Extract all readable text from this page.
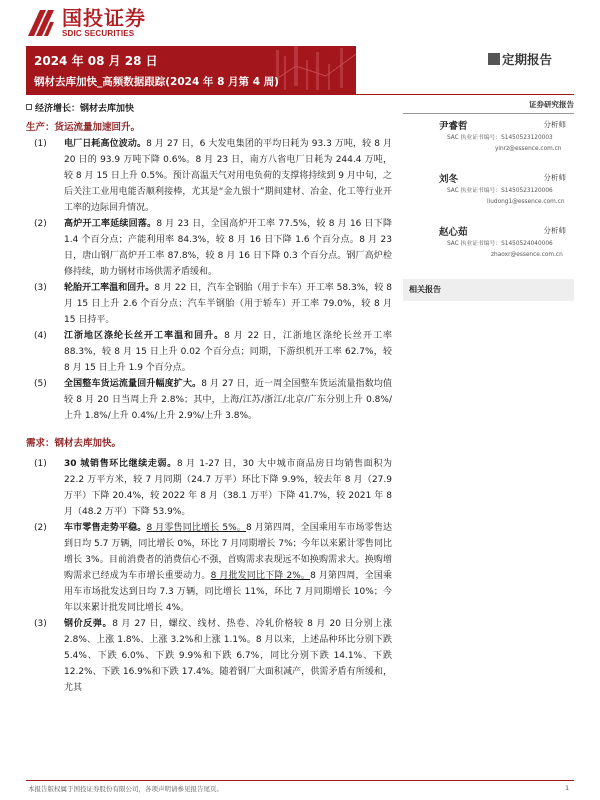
国投证券
SDIC SECURITIES
2024 年 08 月 28 日
钢材去库加快_高频数据跟踪(2024 年 8 月第 4 周)
定期报告
经济增长：钢材去库加快
生产：货运流量加速回升。
(1)	电厂日耗高位波动。8 月 27 日，6 大发电集团的平均日耗为 93.3 万吨，较 8 月 20 日的 93.9 万吨下降 0.6%。8 月 23 日，南方八省电厂日耗为 244.4 万吨，较 8 月 15 日上升 0.5%。预计高温天气对用电负荷的支撑将持续到 9 月中旬，之后关注工业用电能否顺利接棒，尤其是“金九银十”期间建材、冶金、化工等行业开工率的边际回升情况。
(2)	高炉开工率延续回落。8 月 23 日，全国高炉开工率 77.5%，较 8 月 16 日下降 1.4 个百分点；产能利用率 84.3%，较 8 月 16 日下降 1.6 个百分点。8 月 23 日，唐山钢厂高炉开工率 87.8%，较 8 月 16 日下降 0.3 个百分点。钢厂高炉检修持续，助力钢材市场供需矛盾缓和。
(3)	轮胎开工率温和回升。8 月 22 日，汽车全钢胎（用于卡车）开工率 58.3%，较 8 月 15 日上升 2.6 个百分点；汽车半钢胎（用于轿车）开工率 79.0%，较 8 月 15 日持平。
(4)	江浙地区涤纶长丝开工率温和回升。8 月 22 日，江浙地区涤纶长丝开工率 88.3%，较 8 月 15 日上升 0.02 个百分点；同期，下游织机开工率 62.7%，较 8 月 15 日上升 1.9 个百分点。
(5)	全国整车货运流量回升幅度扩大。8 月 27 日，近一周全国整车货运流量指数均值较 8 月 20 日当周上升 2.8%；其中，上海/江苏/浙江/北京/广东分别上升 0.8%/上升 1.8%/上升 0.4%/上升 2.9%/上升 3.8%。
需求：钢材去库加快。
(1)	30 城销售环比继续走弱。8 月 1-27 日，30 大中城市商品房日均销售面积为 22.2 万平方米，较 7 月同期（24.7 万平）环比下降 9.9%，较去年 8 月（27.9 万平）下降 20.4%，较 2022 年 8 月（38.1 万平）下降 41.7%，较 2021 年 8 月（48.2 万平）下降 53.9%。
(2)	车市零售走势平稳。8 月零售同比增长 5%。8 月第四周，全国乘用车市场零售达到日均 5.7 万辆，同比增长 0%，环比 7 月同期增长 7%；今年以来累计零售同比增长 3%。目前消费者的消费信心不强，首购需求表现远不如换购需求大。换购增购需求已经成为车市增长重要动力。8 月批发同比下降 2%。8 月第四周，全国乘用车市场批发达到日均 7.3 万辆，同比增长 11%，环比 7 月同期增长 10%；今年以来累计批发同比增长 4%。
(3)	钢价反弹。8 月 27 日，螺纹、线材、热卷、冷轧价格较 8 月 20 日分别上涨 2.8%、上涨 1.8%、上涨 3.2%和上涨 1.1%。8 月以来，上述品种环比分别下跌 5.4%、下跌 6.0%、下跌 9.9%和下跌 6.7%，同比分别下跌 14.1%、下跌 12.2%、下跌 16.9%和下跌 17.4%。随着钢厂大面积减产，供需矛盾有所缓和，尤其
证券研究报告
尹睿哲	分析师
SAC 执业证书编号：S1450523120003
yinrz@essence.com.cn
刘冬	分析师
SAC 执业证书编号：S1450523120006
liudong1@essence.com.cn
赵心茹	分析师
SAC 执业证书编号：S1450524040006
zhaoxr@essence.com.cn
相关报告
本报告版权属于国投证券股份有限公司，各项声明请参见报告尾页。	1
